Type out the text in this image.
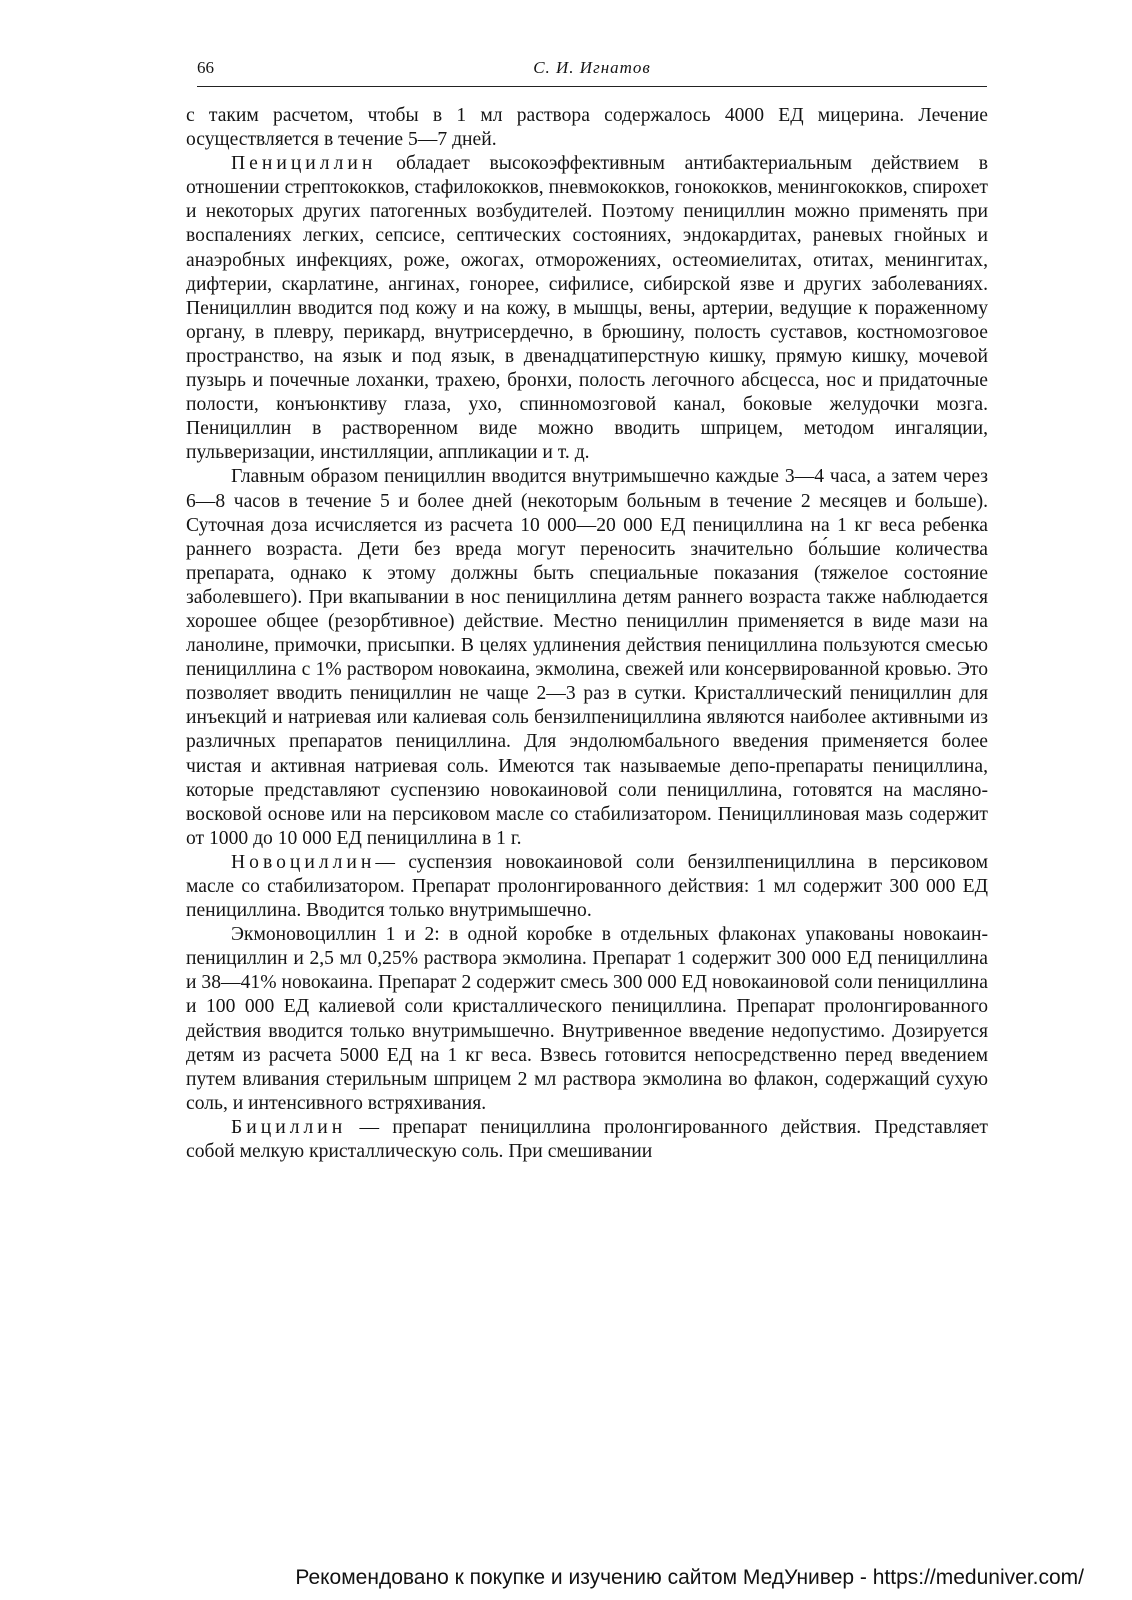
66	С. И. Игнатов

с таким расчетом, чтобы в 1 мл раствора содержалось 4000 ЕД мицерина. Лечение осуществляется в течение 5—7 дней.

Пенициллин обладает высокоэффективным антибактериальным действием в отношении стрептококков, стафилококков, пневмококков, гонококков, менингококков, спирохет и некоторых других патогенных возбудителей. Поэтому пенициллин можно применять при воспалениях легких, сепсисе, септических состояниях, эндокардитах, раневых гнойных и анаэробных инфекциях, роже, ожогах, отморожениях, остеомиелитах, отитах, менингитах, дифтерии, скарлатине, ангинах, гонорее, сифилисе, сибирской язве и других заболеваниях. Пенициллин вводится под кожу и на кожу, в мышцы, вены, артерии, ведущие к пораженному органу, в плевру, перикард, внутрисердечно, в брюшину, полость суставов, костномозговое пространство, на язык и под язык, в двенадцатиперстную кишку, прямую кишку, мочевой пузырь и почечные лоханки, трахею, бронхи, полость легочного абсцесса, нос и придаточные полости, конъюнктиву глаза, ухо, спинномозговой канал, боковые желудочки мозга. Пенициллин в растворенном виде можно вводить шприцем, методом ингаляции, пульверизации, инстилляции, аппликации и т. д.

Главным образом пенициллин вводится внутримышечно каждые 3—4 часа, а затем через 6—8 часов в течение 5 и более дней (некоторым больным в течение 2 месяцев и больше). Суточная доза исчисляется из расчета 10 000—20 000 ЕД пенициллина на 1 кг веса ребенка раннего возраста. Дети без вреда могут переносить значительно бо́льшие количества препарата, однако к этому должны быть специальные показания (тяжелое состояние заболевшего). При вкапывании в нос пенициллина детям раннего возраста также наблюдается хорошее общее (резорбтивное) действие. Местно пенициллин применяется в виде мази на ланолине, примочки, присыпки. В целях удлинения действия пенициллина пользуются смесью пенициллина с 1% раствором новокаина, экмолина, свежей или консервированной кровью. Это позволяет вводить пенициллин не чаще 2—3 раз в сутки. Кристаллический пенициллин для инъекций и натриевая или калиевая соль бензилпенициллина являются наиболее активными из различных препаратов пенициллина. Для эндолюмбального введения применяется более чистая и активная натриевая соль. Имеются так называемые депо-препараты пенициллина, которые представляют суспензию новокаиновой соли пенициллина, готовятся на масляно-восковой основе или на персиковом масле со стабилизатором. Пенициллиновая мазь содержит от 1000 до 10 000 ЕД пенициллина в 1 г.

Новоциллин— суспензия новокаиновой соли бензилпенициллина в персиковом масле со стабилизатором. Препарат пролонгированного действия: 1 мл содержит 300 000 ЕД пенициллина. Вводится только внутримышечно.

Экмоновоциллин 1 и 2: в одной коробке в отдельных флаконах упакованы новокаин-пенициллин и 2,5 мл 0,25% раствора экмолина. Препарат 1 содержит 300 000 ЕД пенициллина и 38—41% новокаина. Препарат 2 содержит смесь 300 000 ЕД новокаиновой соли пенициллина и 100 000 ЕД калиевой соли кристаллического пенициллина. Препарат пролонгированного действия вводится только внутримышечно. Внутривенное введение недопустимо. Дозируется детям из расчета 5000 ЕД на 1 кг веса. Взвесь готовится непосредственно перед введением путем вливания стерильным шприцем 2 мл раствора экмолина во флакон, содержащий сухую соль, и интенсивного встряхивания.

Бициллин — препарат пенициллина пролонгированного действия. Представляет собой мелкую кристаллическую соль. При смешивании

Рекомендовано к покупке и изучению сайтом МедУнивер - https://meduniver.com/
